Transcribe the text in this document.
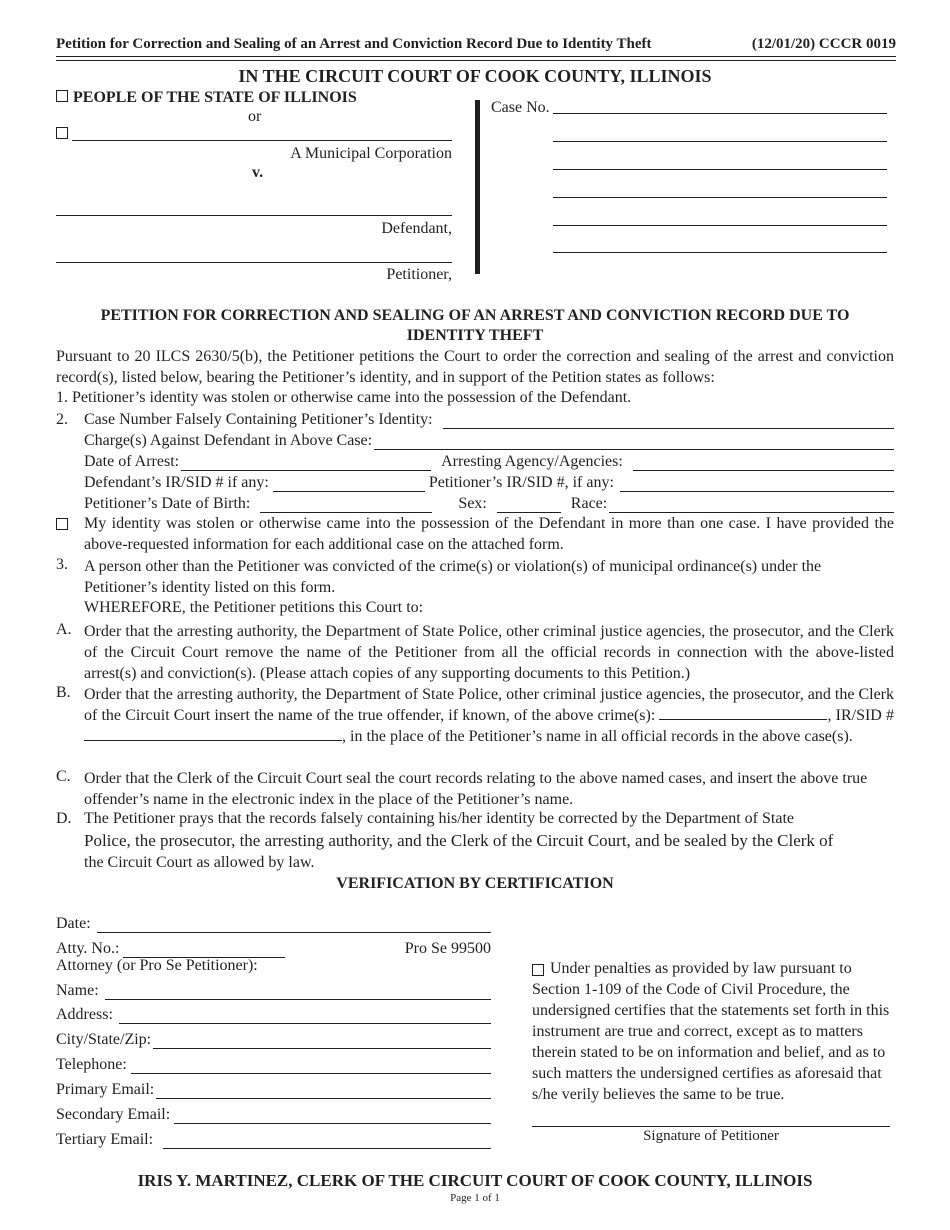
Petition for Correction and Sealing of an Arrest and Conviction Record Due to Identity Theft	(12/01/20) CCCR 0019
IN THE CIRCUIT COURT OF COOK COUNTY, ILLINOIS
PEOPLE OF THE STATE OF ILLINOIS
or
A Municipal Corporation
v.
Defendant,
Petitioner,
Case No.
PETITION FOR CORRECTION AND SEALING OF AN ARREST AND CONVICTION RECORD DUE TO IDENTITY THEFT
Pursuant to 20 ILCS 2630/5(b), the Petitioner petitions the Court to order the correction and sealing of the arrest and conviction record(s), listed below, bearing the Petitioner’s identity, and in support of the Petition states as follows:
1. Petitioner’s identity was stolen or otherwise came into the possession of the Defendant.
2. Case Number Falsely Containing Petitioner’s Identity:
Charge(s) Against Defendant in Above Case:
Date of Arrest:	Arresting Agency/Agencies:
Defendant’s IR/SID # if any:	Petitioner’s IR/SID #, if any:
Petitioner’s Date of Birth:	Sex:	Race:
My identity was stolen or otherwise came into the possession of the Defendant in more than one case. I have provided the above-requested information for each additional case on the attached form.
3. A person other than the Petitioner was convicted of the crime(s) or violation(s) of municipal ordinance(s) under the Petitioner’s identity listed on this form.
WHEREFORE, the Petitioner petitions this Court to:
A. Order that the arresting authority, the Department of State Police, other criminal justice agencies, the prosecutor, and the Clerk of the Circuit Court remove the name of the Petitioner from all the official records in connection with the above-listed arrest(s) and conviction(s). (Please attach copies of any supporting documents to this Petition.)
B. Order that the arresting authority, the Department of State Police, other criminal justice agencies, the prosecutor, and the Clerk of the Circuit Court insert the name of the true offender, if known, of the above crime(s):	, IR/SID # , in the place of the Petitioner’s name in all official records in the above case(s).
C. Order that the Clerk of the Circuit Court seal the court records relating to the above named cases, and insert the above true offender’s name in the electronic index in the place of the Petitioner’s name.
D. The Petitioner prays that the records falsely containing his/her identity be corrected by the Department of State
Police, the prosecutor, the arresting authority, and the Clerk of the Circuit Court, and be sealed by the Clerk of
the Circuit Court as allowed by law.
VERIFICATION BY CERTIFICATION
Date:
Atty. No.:	Pro Se 99500
Attorney (or Pro Se Petitioner):
Name:
Address:
City/State/Zip:
Telephone:
Primary Email:
Secondary Email:
Tertiary Email:
Under penalties as provided by law pursuant to Section 1-109 of the Code of Civil Procedure, the undersigned certifies that the statements set forth in this instrument are true and correct, except as to matters therein stated to be on information and belief, and as to such matters the undersigned certifies as aforesaid that s/he verily believes the same to be true.
Signature of Petitioner
IRIS Y. MARTINEZ, CLERK OF THE CIRCUIT COURT OF COOK COUNTY, ILLINOIS
Page 1 of 1
